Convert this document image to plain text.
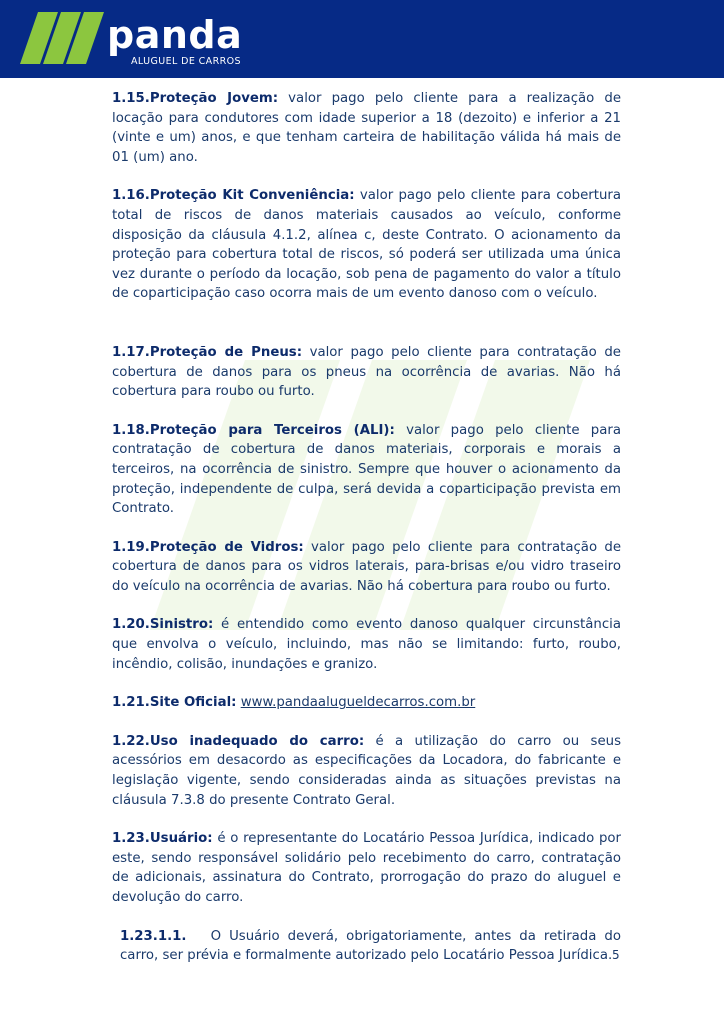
panda
ALUGUEL DE CARROS

1.15.Proteção Jovem: valor pago pelo cliente para a realização de locação para condutores com idade superior a 18 (dezoito) e inferior a 21 (vinte e um) anos, e que tenham carteira de habilitação válida há mais de 01 (um) ano.

1.16.Proteção Kit Conveniência: valor pago pelo cliente para cobertura total de riscos de danos materiais causados ao veículo, conforme disposição da cláusula 4.1.2, alínea c, deste Contrato. O acionamento da proteção para cobertura total de riscos, só poderá ser utilizada uma única vez durante o período da locação, sob pena de pagamento do valor a título de coparticipação caso ocorra mais de um evento danoso com o veículo.

1.17.Proteção de Pneus: valor pago pelo cliente para contratação de cobertura de danos para os pneus na ocorrência de avarias. Não há cobertura para roubo ou furto.

1.18.Proteção para Terceiros (ALI): valor pago pelo cliente para contratação de cobertura de danos materiais, corporais e morais a terceiros, na ocorrência de sinistro. Sempre que houver o acionamento da proteção, independente de culpa, será devida a coparticipação prevista em Contrato.

1.19.Proteção de Vidros: valor pago pelo cliente para contratação de cobertura de danos para os vidros laterais, para-brisas e/ou vidro traseiro do veículo na ocorrência de avarias. Não há cobertura para roubo ou furto.

1.20.Sinistro: é entendido como evento danoso qualquer circunstância que envolva o veículo, incluindo, mas não se limitando: furto, roubo, incêndio, colisão, inundações e granizo.

1.21.Site Oficial: www.pandaalugueldecarros.com.br

1.22.Uso inadequado do carro: é a utilização do carro ou seus acessórios em desacordo as especificações da Locadora, do fabricante e legislação vigente, sendo consideradas ainda as situações previstas na cláusula 7.3.8 do presente Contrato Geral.

1.23.Usuário: é o representante do Locatário Pessoa Jurídica, indicado por este, sendo responsável solidário pelo recebimento do carro, contratação de adicionais, assinatura do Contrato, prorrogação do prazo do aluguel e devolução do carro.

1.23.1.1. O Usuário deverá, obrigatoriamente, antes da retirada do carro, ser prévia e formalmente autorizado pelo Locatário Pessoa Jurídica. 5
